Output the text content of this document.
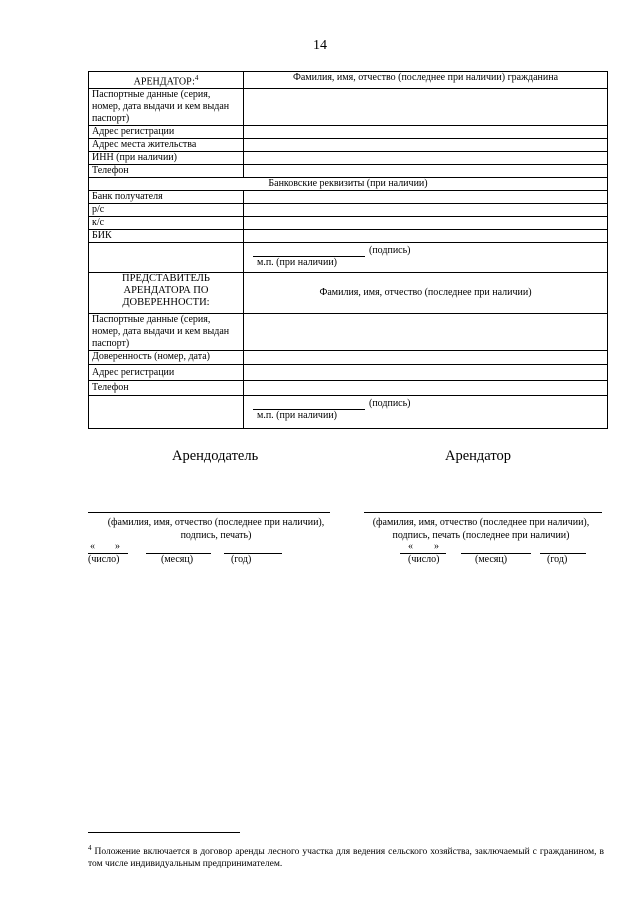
14
АРЕНДАТОР:$^4$	Фамилия, имя, отчество (последнее при наличии) гражданина
Паспортные данные (серия, номер, дата выдачи и кем выдан паспорт)	
Адрес регистрации	
Адрес места жительства	
ИНН (при наличии)	
Телефон	
Банковские реквизиты (при наличии)	
Банк получателя	
р/с	
к/с	
БИК	

	(подпись)
м.п. (при наличии)

ПРЕДСТАВИТЕЛЬ АРЕНДАТОРА ПО ДОВЕРЕННОСТИ:	Фамилия, имя, отчество (последнее при наличии)
Паспортные данные (серия, номер, дата выдачи и кем выдан паспорт)	
Доверенность (номер, дата)	
Адрес регистрации	
Телефон	

	(подпись)
м.п. (при наличии)
Арендодатель	Арендатор
(фамилия, имя, отчество (последнее при наличии), подпись, печать)
« »
(число)	(месяц)	(год)
(фамилия, имя, отчество (последнее при наличии), подпись, печать (последнее при наличии)
« »
(число)	(месяц)	(год)
$^4$ Положение включается в договор аренды лесного участка для ведения сельского хозяйства, заключаемый с гражданином, в том числе индивидуальным предпринимателем.
